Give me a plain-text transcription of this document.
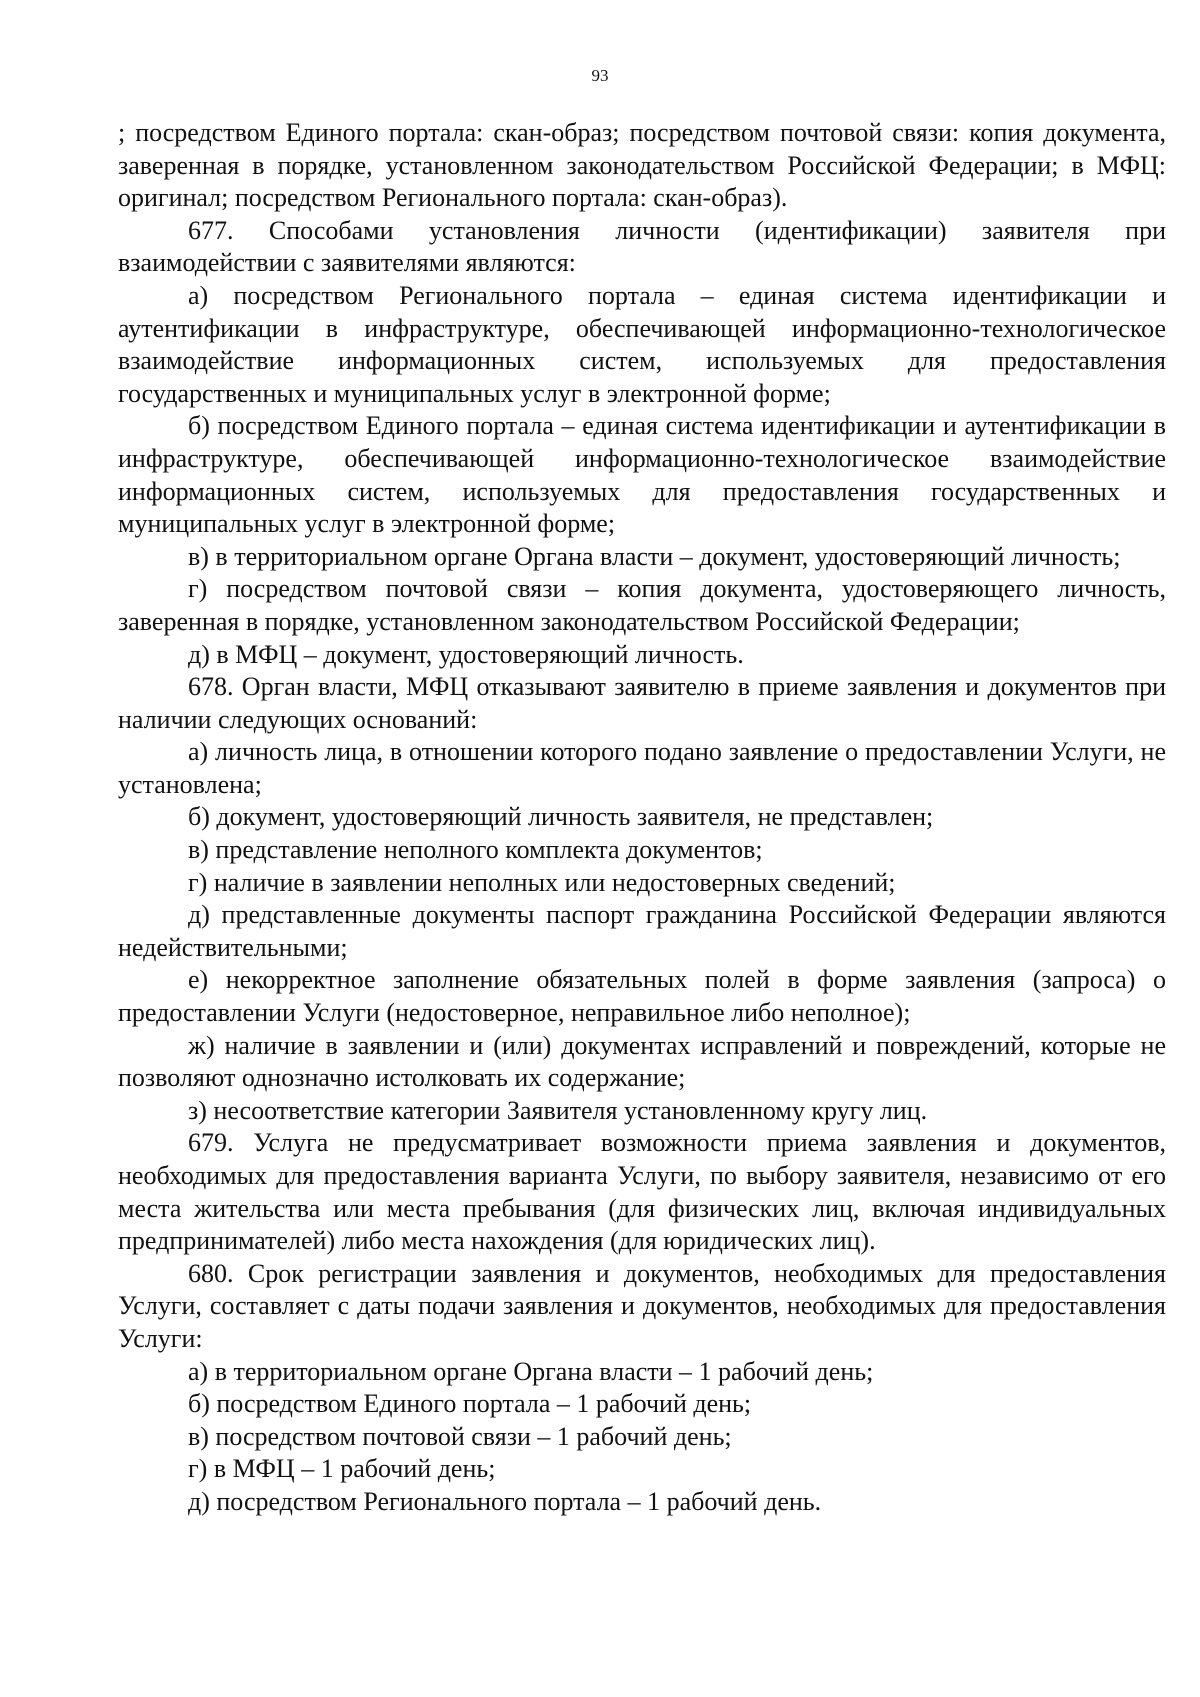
93

; посредством Единого портала: скан-образ; посредством почтовой связи: копия документа, заверенная в порядке, установленном законодательством Российской Федерации; в МФЦ: оригинал; посредством Регионального портала: скан-образ).

677. Способами установления личности (идентификации) заявителя при взаимодействии с заявителями являются:

а) посредством Регионального портала – единая система идентификации и аутентификации в инфраструктуре, обеспечивающей информационно-технологическое взаимодействие информационных систем, используемых для предоставления государственных и муниципальных услуг в электронной форме;

б) посредством Единого портала – единая система идентификации и аутентификации в инфраструктуре, обеспечивающей информационно-технологическое взаимодействие информационных систем, используемых для предоставления государственных и муниципальных услуг в электронной форме;

в) в территориальном органе Органа власти – документ, удостоверяющий личность;

г) посредством почтовой связи – копия документа, удостоверяющего личность, заверенная в порядке, установленном законодательством Российской Федерации;

д) в МФЦ – документ, удостоверяющий личность.

678. Орган власти, МФЦ отказывают заявителю в приеме заявления и документов при наличии следующих оснований:

а) личность лица, в отношении которого подано заявление о предоставлении Услуги, не установлена;

б) документ, удостоверяющий личность заявителя, не представлен;

в) представление неполного комплекта документов;

г) наличие в заявлении неполных или недостоверных сведений;

д) представленные документы паспорт гражданина Российской Федерации являются недействительными;

е) некорректное заполнение обязательных полей в форме заявления (запроса) о предоставлении Услуги (недостоверное, неправильное либо неполное);

ж) наличие в заявлении и (или) документах исправлений и повреждений, которые не позволяют однозначно истолковать их содержание;

з) несоответствие категории Заявителя установленному кругу лиц.

679. Услуга не предусматривает возможности приема заявления и документов, необходимых для предоставления варианта Услуги, по выбору заявителя, независимо от его места жительства или места пребывания (для физических лиц, включая индивидуальных предпринимателей) либо места нахождения (для юридических лиц).

680. Срок регистрации заявления и документов, необходимых для предоставления Услуги, составляет с даты подачи заявления и документов, необходимых для предоставления Услуги:

а) в территориальном органе Органа власти – 1 рабочий день;

б) посредством Единого портала – 1 рабочий день;

в) посредством почтовой связи – 1 рабочий день;

г) в МФЦ – 1 рабочий день;

д) посредством Регионального портала – 1 рабочий день.
